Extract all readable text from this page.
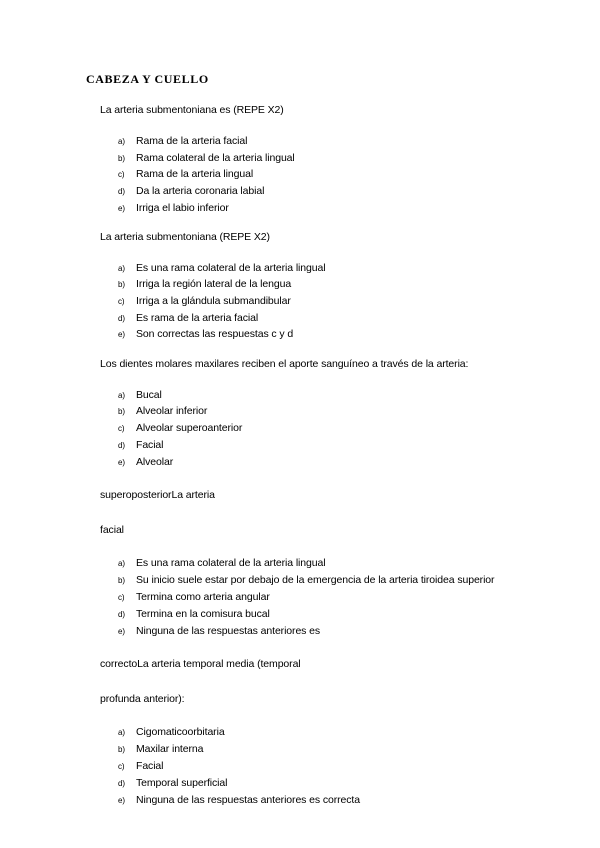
CABEZA Y CUELLO
La arteria submentoniana es (REPE X2)
a) Rama de la arteria facial
b) Rama colateral de la arteria lingual
c) Rama de la arteria lingual
d) Da la arteria coronaria labial
e) Irriga el labio inferior
La arteria submentoniana (REPE X2)
a) Es una rama colateral de la arteria lingual
b) Irriga la región lateral de la lengua
c) Irriga a la glándula submandibular
d) Es rama de la arteria facial
e) Son correctas las respuestas c y d
Los dientes molares maxilares reciben el aporte sanguíneo a través de la arteria:
a) Bucal
b) Alveolar inferior
c) Alveolar superoanterior
d) Facial
e) Alveolar
superoposteriorLa arteria
facial
a) Es una rama colateral de la arteria lingual
b) Su inicio suele estar por debajo de la emergencia de la arteria tiroidea superior
c) Termina como arteria angular
d) Termina en la comisura bucal
e) Ninguna de las respuestas anteriores es
correctoLa arteria temporal media (temporal
profunda anterior):
a) Cigomaticoorbitaria
b) Maxilar interna
c) Facial
d) Temporal superficial
e) Ninguna de las respuestas anteriores es correcta
